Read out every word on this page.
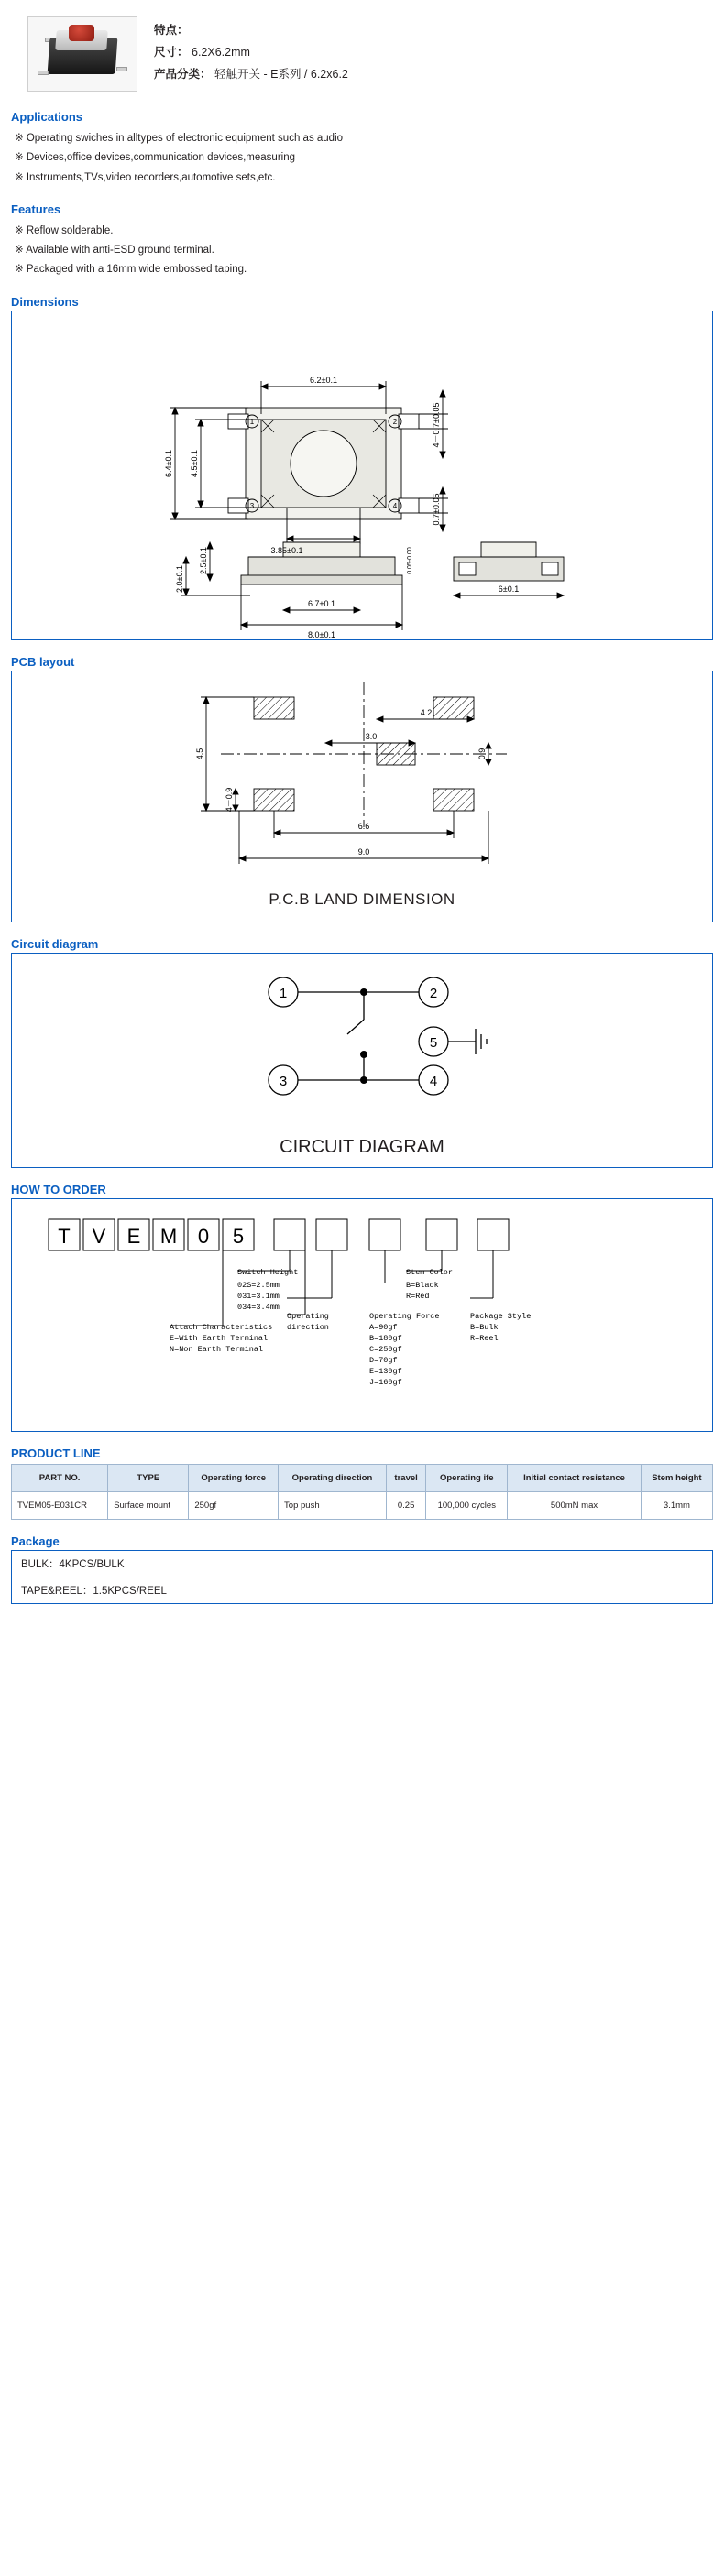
特点：
尺寸： 6.2X6.2mm
产品分类： 轻触开关 - E系列 / 6.2x6.2
Applications
※ Operating swiches in alltypes of electronic equipment such as audio
※ Devices,office devices,communication devices,measuring
※ Instruments,TVs,video recorders,automotive sets,etc.
Features
※ Reflow solderable.
※ Available with anti-ESD ground terminal.
※ Packaged with a 16mm wide embossed taping.
Dimensions
6.2±0.1
3.85±0.1
6.7±0.1
8.0±0.1
6±0.1
6.4±0.1 4.5±0.1
4－0.7±0.05
0.7±0.05
2.5±0.1
2.0±0.1
0.05-0.00
1	2
3	4
PCB layout
4.5
4－0.9
4.2
3.0
0.9
6.6
9.0
P.C.B LAND DIMENSION
Circuit diagram
1	2
3	4
5
CIRCUIT DIAGRAM
HOW TO ORDER
T V E M 0 5
Switch Height
02S=2.5mm
031=3.1mm
034=3.4mm
Stem Color
B=Black
R=Red
Attach Characteristics
E=With Earth Terminal
N=Non Earth Terminal
Operating
direction
Operating Force
A=90gf
B=180gf
C=250gf
D=70gf
E=130gf
J=160gf
Package Style
B=Bulk
R=Reel
PRODUCT LINE
PART NO.	TYPE	Operating force	Operating direction	travel	Operating ife	Initial contact resistance	Stem height
TVEM05-E031CR	Surface mount	250gf	Top push	0.25	100,000 cycles	500mN max	3.1mm
Package
BULK：4KPCS/BULK
TAPE&REEL：1.5KPCS/REEL
